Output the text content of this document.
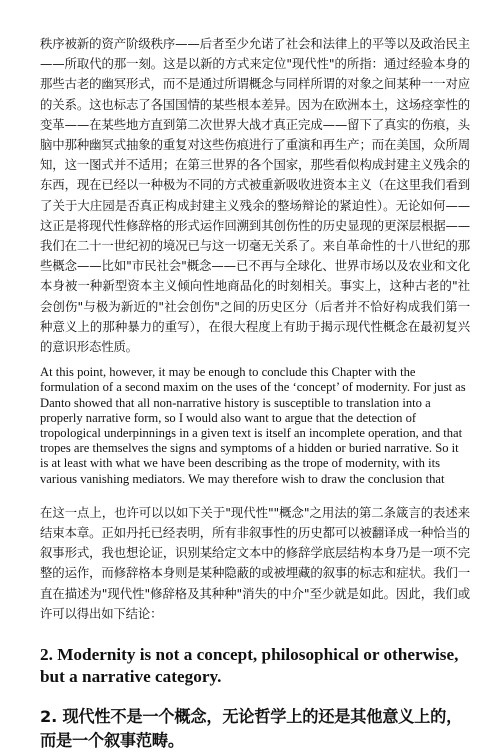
秩序被新的资产阶级秩序——后者至少允诺了社会和法律上的平等以及政治民主——所取代的那一刻。这是以新的方式来定位"现代性"的所指：通过经验本身的那些古老的幽冥形式，而不是通过所谓概念与同样所谓的对象之间某种一一对应的关系。这也标志了各国国情的某些根本差异。因为在欧洲本土，这场痉挛性的变革——在某些地方直到第二次世界大战才真正完成——留下了真实的伤痕，头脑中那种幽冥式抽象的重复对这些伤痕进行了重演和再生产；而在美国，众所周知，这一图式并不适用；在第三世界的各个国家，那些看似构成封建主义残余的东西，现在已经以一种极为不同的方式被重新吸收进资本主义（在这里我们看到了关于大庄园是否真正构成封建主义残余的整场辩论的紧迫性）。无论如何——这正是将现代性修辞格的形式运作回溯到其创伤性的历史显现的更深层根据——我们在二十一世纪初的境况已与这一切毫无关系了。来自革命性的十八世纪的那些概念——比如"市民社会"概念——已不再与全球化、世界市场以及农业和文化本身被一种新型资本主义倾向性地商品化的时刻相关。事实上，这种古老的"社会创伤"与极为新近的"社会创伤"之间的历史区分（后者并不恰好构成我们第一种意义上的那种暴力的重写），在很大程度上有助于揭示现代性概念在最初复兴的意识形态性质。

At this point, however, it may be enough to conclude this Chapter with the formulation of a second maxim on the uses of the ‘concept’ of modernity. For just as Danto showed that all non-narrative history is susceptible to translation into a properly narrative form, so I would also want to argue that the detection of tropological underpinnings in a given text is itself an incomplete operation, and that tropes are themselves the signs and symptoms of a hidden or buried narrative. So it is at least with what we have been describing as the trope of modernity, with its various vanishing mediators. We may therefore wish to draw the conclusion that

在这一点上，也许可以以如下关于"现代性""概念"之用法的第二条箴言的表述来结束本章。正如丹托已经表明，所有非叙事性的历史都可以被翻译成一种恰当的叙事形式，我也想论证，识别某给定文本中的修辞学底层结构本身乃是一项不完整的运作，而修辞格本身则是某种隐蔽的或被埋藏的叙事的标志和症状。我们一直在描述为"现代性"修辞格及其种种"消失的中介"至少就是如此。因此，我们或许可以得出如下结论：

2. Modernity is not a concept, philosophical or otherwise, but a narrative category.

2. 现代性不是一个概念，无论哲学上的还是其他意义上的，而是一个叙事范畴。
